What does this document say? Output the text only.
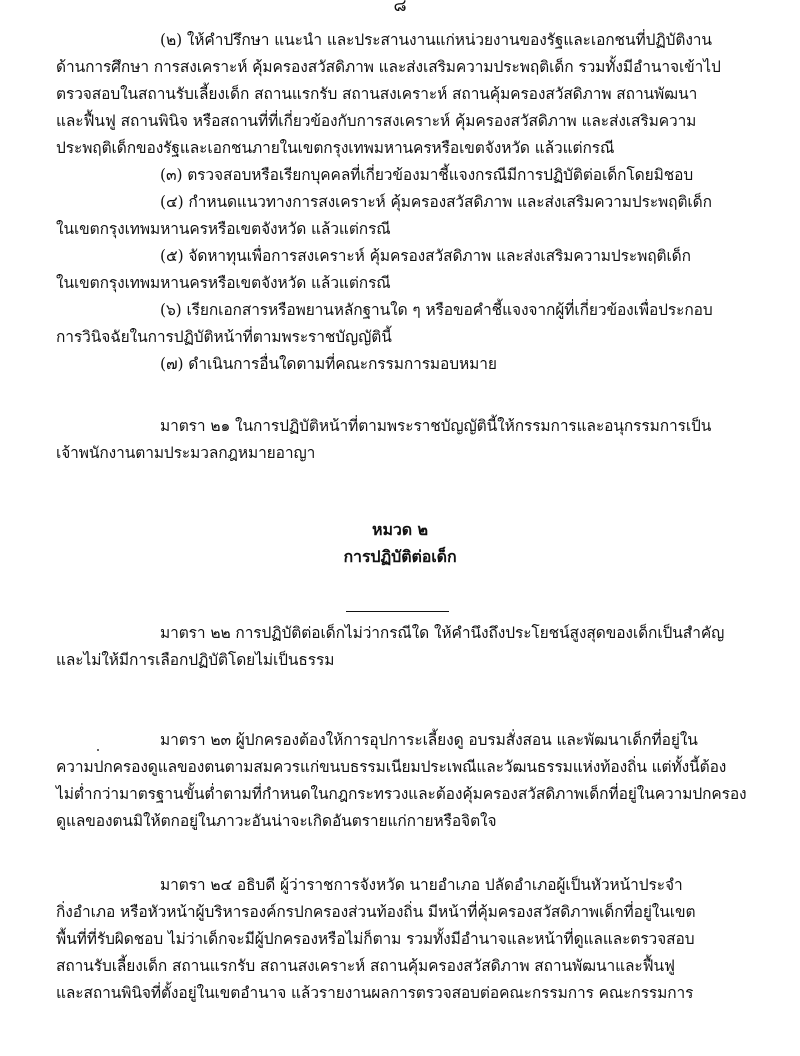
๘
(๒) ให้คำปรึกษา แนะนำ และประสานงานแก่หน่วยงานของรัฐและเอกชนที่ปฏิบัติงาน
ด้านการศึกษา การสงเคราะห์ คุ้มครองสวัสดิภาพ และส่งเสริมความประพฤติเด็ก รวมทั้งมีอำนาจเข้าไป
ตรวจสอบในสถานรับเลี้ยงเด็ก สถานแรกรับ สถานสงเคราะห์ สถานคุ้มครองสวัสดิภาพ สถานพัฒนา
และฟื้นฟู สถานพินิจ หรือสถานที่ที่เกี่ยวข้องกับการสงเคราะห์ คุ้มครองสวัสดิภาพ และส่งเสริมความ
ประพฤติเด็กของรัฐและเอกชนภายในเขตกรุงเทพมหานครหรือเขตจังหวัด แล้วแต่กรณี
(๓) ตรวจสอบหรือเรียกบุคคลที่เกี่ยวข้องมาชี้แจงกรณีมีการปฏิบัติต่อเด็กโดยมิชอบ
(๔) กำหนดแนวทางการสงเคราะห์ คุ้มครองสวัสดิภาพ และส่งเสริมความประพฤติเด็ก
ในเขตกรุงเทพมหานครหรือเขตจังหวัด แล้วแต่กรณี
(๕) จัดหาทุนเพื่อการสงเคราะห์ คุ้มครองสวัสดิภาพ และส่งเสริมความประพฤติเด็ก
ในเขตกรุงเทพมหานครหรือเขตจังหวัด แล้วแต่กรณี
(๖) เรียกเอกสารหรือพยานหลักฐานใด ๆ หรือขอคำชี้แจงจากผู้ที่เกี่ยวข้องเพื่อประกอบ
การวินิจฉัยในการปฏิบัติหน้าที่ตามพระราชบัญญัตินี้
(๗) ดำเนินการอื่นใดตามที่คณะกรรมการมอบหมาย
มาตรา ๒๑ ในการปฏิบัติหน้าที่ตามพระราชบัญญัตินี้ให้กรรมการและอนุกรรมการเป็น
เจ้าพนักงานตามประมวลกฎหมายอาญา
หมวด ๒
การปฏิบัติต่อเด็ก
มาตรา ๒๒ การปฏิบัติต่อเด็กไม่ว่ากรณีใด ให้คำนึงถึงประโยชน์สูงสุดของเด็กเป็นสำคัญ
และไม่ให้มีการเลือกปฏิบัติโดยไม่เป็นธรรม
มาตรา ๒๓ ผู้ปกครองต้องให้การอุปการะเลี้ยงดู อบรมสั่งสอน และพัฒนาเด็กที่อยู่ใน
ความปกครองดูแลของตนตามสมควรแก่ขนบธรรมเนียมประเพณีและวัฒนธรรมแห่งท้องถิ่น แต่ทั้งนี้ต้อง
ไม่ต่ำกว่ามาตรฐานขั้นต่ำตามที่กำหนดในกฎกระทรวงและต้องคุ้มครองสวัสดิภาพเด็กที่อยู่ในความปกครอง
ดูแลของตนมิให้ตกอยู่ในภาวะอันน่าจะเกิดอันตรายแก่กายหรือจิตใจ
มาตรา ๒๔ อธิบดี ผู้ว่าราชการจังหวัด นายอำเภอ ปลัดอำเภอผู้เป็นหัวหน้าประจำ
กิ่งอำเภอ หรือหัวหน้าผู้บริหารองค์กรปกครองส่วนท้องถิ่น มีหน้าที่คุ้มครองสวัสดิภาพเด็กที่อยู่ในเขต
พื้นที่ที่รับผิดชอบ ไม่ว่าเด็กจะมีผู้ปกครองหรือไม่ก็ตาม รวมทั้งมีอำนาจและหน้าที่ดูแลและตรวจสอบ
สถานรับเลี้ยงเด็ก สถานแรกรับ สถานสงเคราะห์ สถานคุ้มครองสวัสดิภาพ สถานพัฒนาและฟื้นฟู
และสถานพินิจที่ตั้งอยู่ในเขตอำนาจ แล้วรายงานผลการตรวจสอบต่อคณะกรรมการ คณะกรรมการ
